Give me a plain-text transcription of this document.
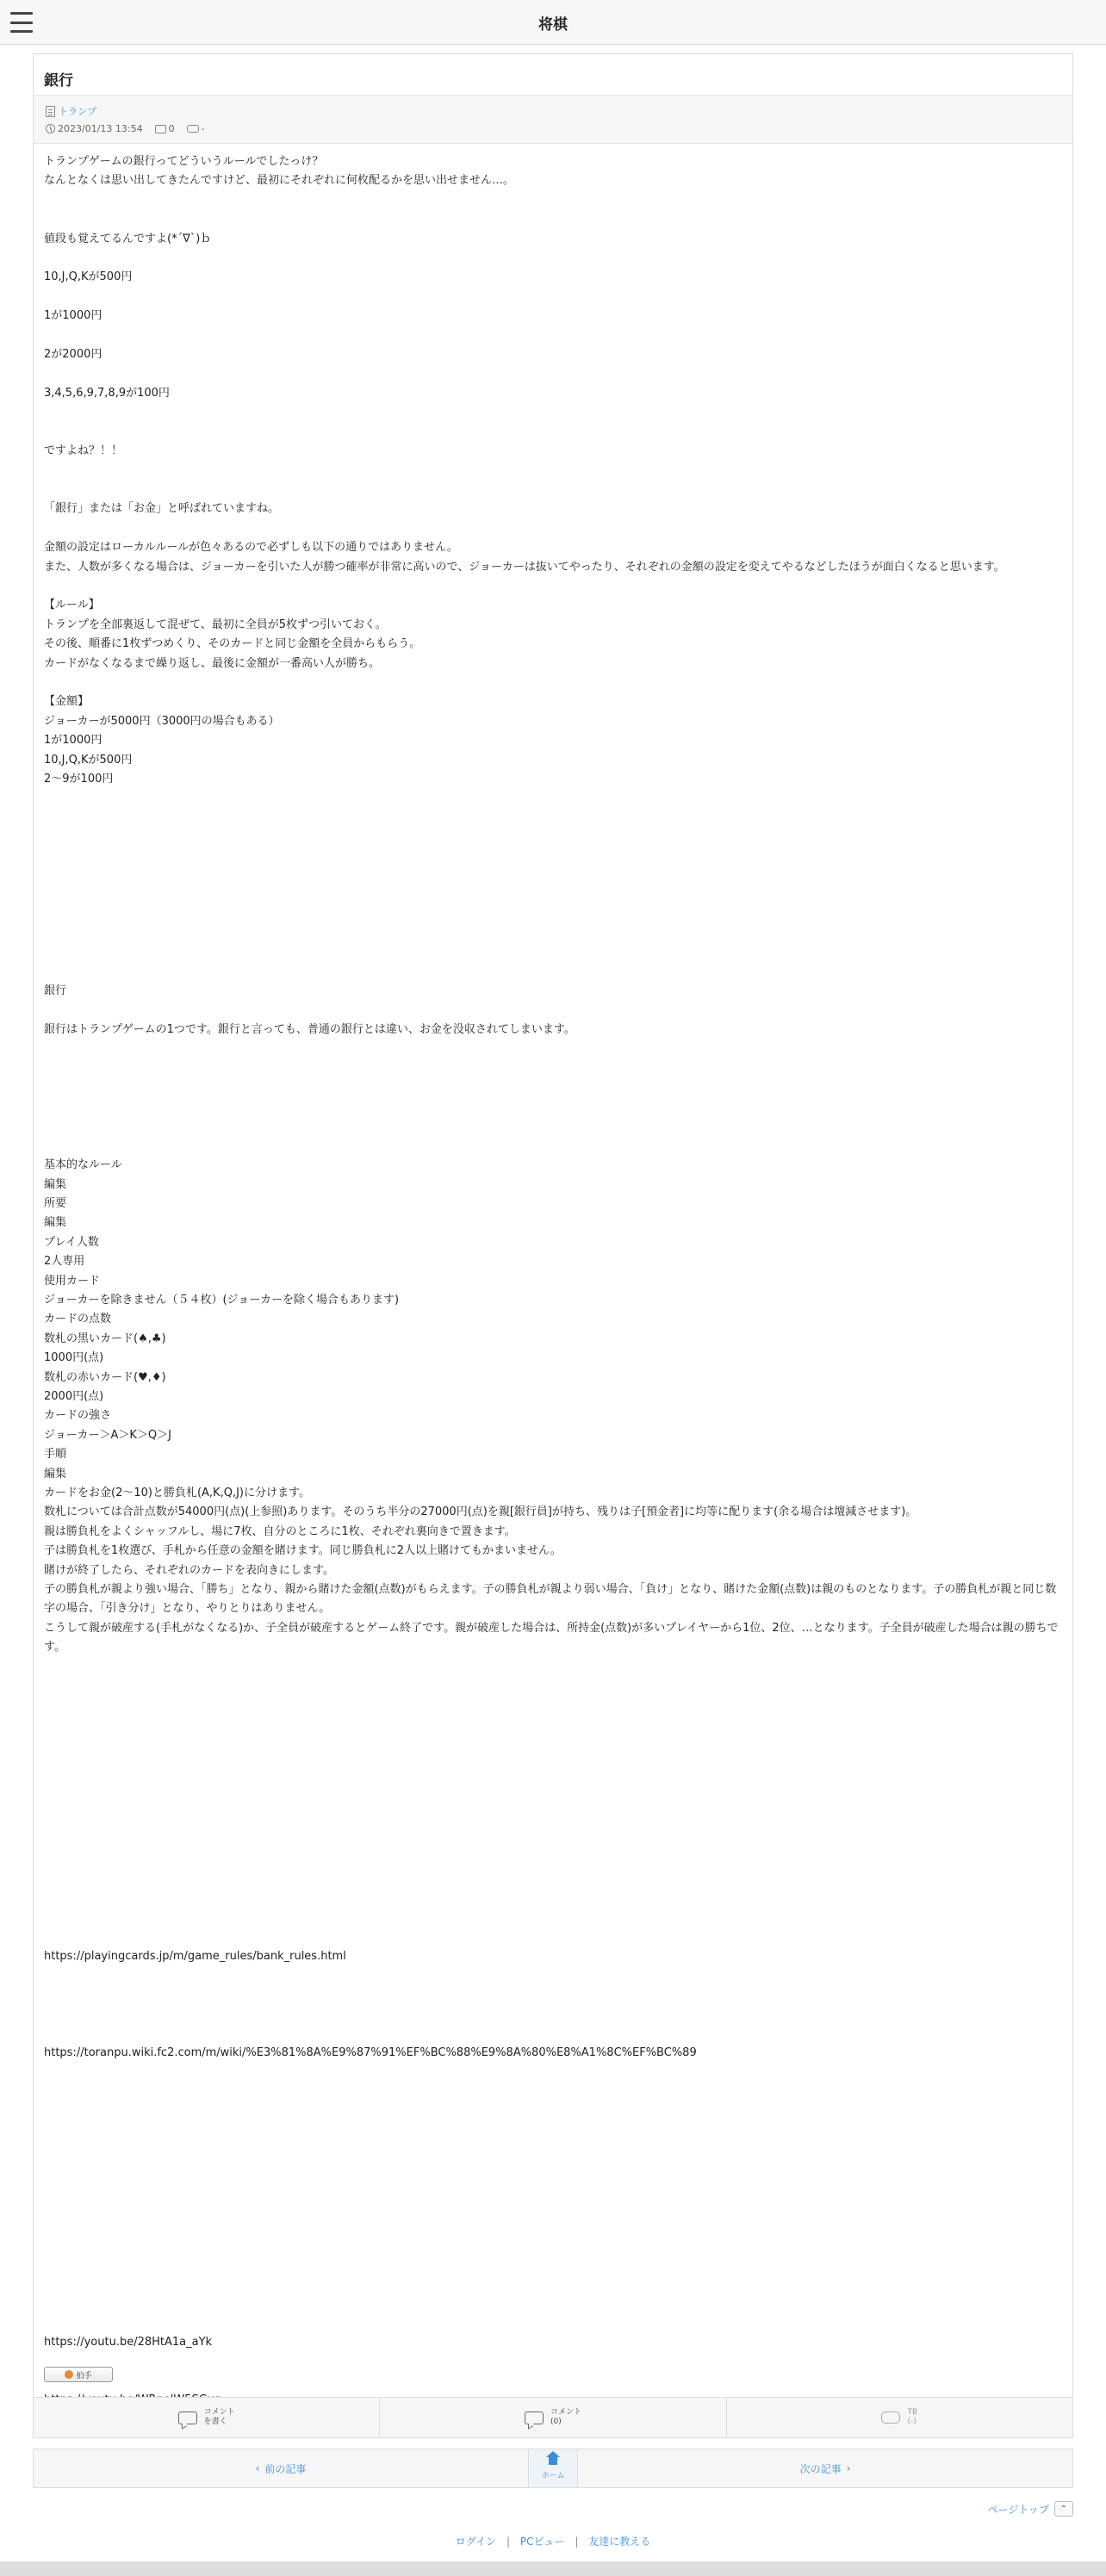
将棋
銀行
トランプ
2023/01/13 13:54	0	-

トランプゲームの銀行ってどういうルールでしたっけ？
なんとなくは思い出してきたんですけど、最初にそれぞれに何枚配るかを思い出せません…。

値段も覚えてるんですよ(*´∇`)ｂ

10,J,Q,Kが500円

1が1000円

2が2000円

3,4,5,6,9,7,8,9が100円

ですよね？！！

「銀行」または「お金」と呼ばれていますね。

金額の設定はローカルルールが色々あるので必ずしも以下の通りではありません。
また、人数が多くなる場合は、ジョーカーを引いた人が勝つ確率が非常に高いので、ジョーカーは抜いてやったり、それぞれの金額の設定を変えてやるなどしたほうが面白くなると思います。

【ルール】
トランプを全部裏返して混ぜて、最初に全員が5枚ずつ引いておく。
その後、順番に1枚ずつめくり、そのカードと同じ金額を全員からもらう。
カードがなくなるまで繰り返し、最後に金額が一番高い人が勝ち。

【金額】
ジョーカーが5000円（3000円の場合もある）
1が1000円
10,J,Q,Kが500円
2〜9が100円

銀行

銀行はトランプゲームの1つです。銀行と言っても、普通の銀行とは違い、お金を没収されてしまいます。

基本的なルール
編集
所要
編集
プレイ人数
2人専用
使用カード
ジョーカーを除きません（５４枚）(ジョーカーを除く場合もあります)
カードの点数
数札の黒いカード(♠,♣)
1000円(点)
数札の赤いカード(♥,♦)
2000円(点)
カードの強さ
ジョーカー＞A＞K＞Q＞J
手順
編集
カードをお金(2〜10)と勝負札(A,K,Q,J)に分けます。
数札については合計点数が54000円(点)(上参照)あります。そのうち半分の27000円(点)を親[銀行員]が持ち、残りは子[預金者]に均等に配ります(余る場合は壇減させます)。
親は勝負札をよくシャッフルし、場に7枚、自分のところに1枚、それぞれ裏向きで置きます。
子は勝負札を1枚選び、手札から任意の金額を賭けます。同じ勝負札に2人以上賭けてもかまいません。
賭けが終了したら、それぞれのカードを表向きにします。
子の勝負札が親より強い場合、「勝ち」となり、親から賭けた金額(点数)がもらえます。子の勝負札が親より弱い場合、「負け」となり、賭けた金額(点数)は親のものとなります。子の勝負札が親と同じ数字の場合、「引き分け」となり、やりとりはありません。
こうして親が破産する(手札がなくなる)か、子全員が破産するとゲーム終了です。親が破産した場合は、所持金(点数)が多いプレイヤーから1位、2位、…となります。子全員が破産した場合は親の勝ちです。

https://playingcards.jp/m/game_rules/bank_rules.html

https://toranpu.wiki.fc2.com/m/wiki/%E3%81%8A%E9%87%91%EF%BC%88%E9%8A%80%E8%A1%8C%EF%BC%89

https://youtu.be/28HtA1a_aYk

拍手
コメント
を書く
コメント
(0)
TB
(-)
‹ 前の記事
ホーム
次の記事 ›
ページトップ	⌃
ログイン | PCビュー | 友達に教える
